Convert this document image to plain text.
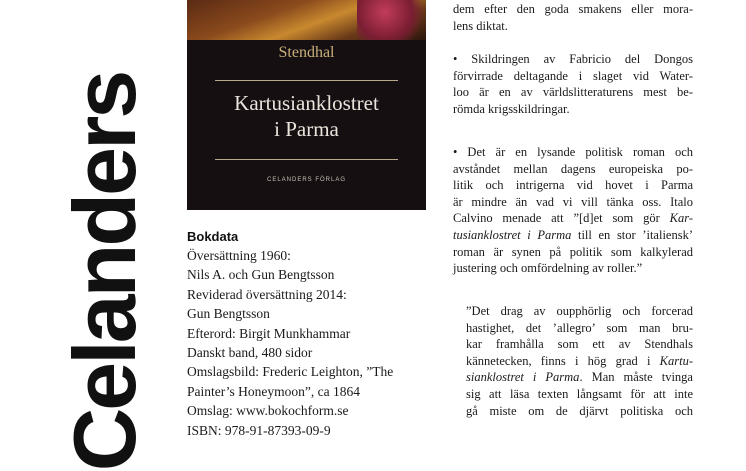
Celanders
Stendhal
Kartusianklostret
i Parma
CELANDERS FÖRLAG
Bokdata
Översättning 1960:
Nils A. och Gun Bengtsson
Reviderad översättning 2014:
Gun Bengtsson
Efterord: Birgit Munkhammar
Danskt band, 480 sidor
Omslagsbild: Frederic Leighton, ”The
Painter’s Honeymoon”, ca 1864
Omslag: www.bokochform.se
ISBN: 978-91-87393-09-9
dem efter den goda smakens eller mora-
lens diktat.
• Skildringen av Fabricio del Dongos
förvirrade deltagande i slaget vid Water-
loo är en av världslitteraturens mest be-
römda krigsskildringar.
• Det är en lysande politisk roman och
avståndet mellan dagens europeiska po-
litik och intrigerna vid hovet i Parma
är mindre än vad vi vill tänka oss. Italo
Calvino menade att ”[d]et som gör Kar-
tusianklostret i Parma till en stor ’italiensk’
roman är synen på politik som kalkylerad
justering och omfördelning av roller.”
”Det drag av oupphörlig och forcerad
hastighet, det ’allegro’ som man bru-
kar framhålla som ett av Stendhals
kännetecken, finns i hög grad i Kartu-
sianklostret i Parma. Man måste tvinga
sig att läsa texten långsamt för att inte
gå miste om de djärvt politiska och
